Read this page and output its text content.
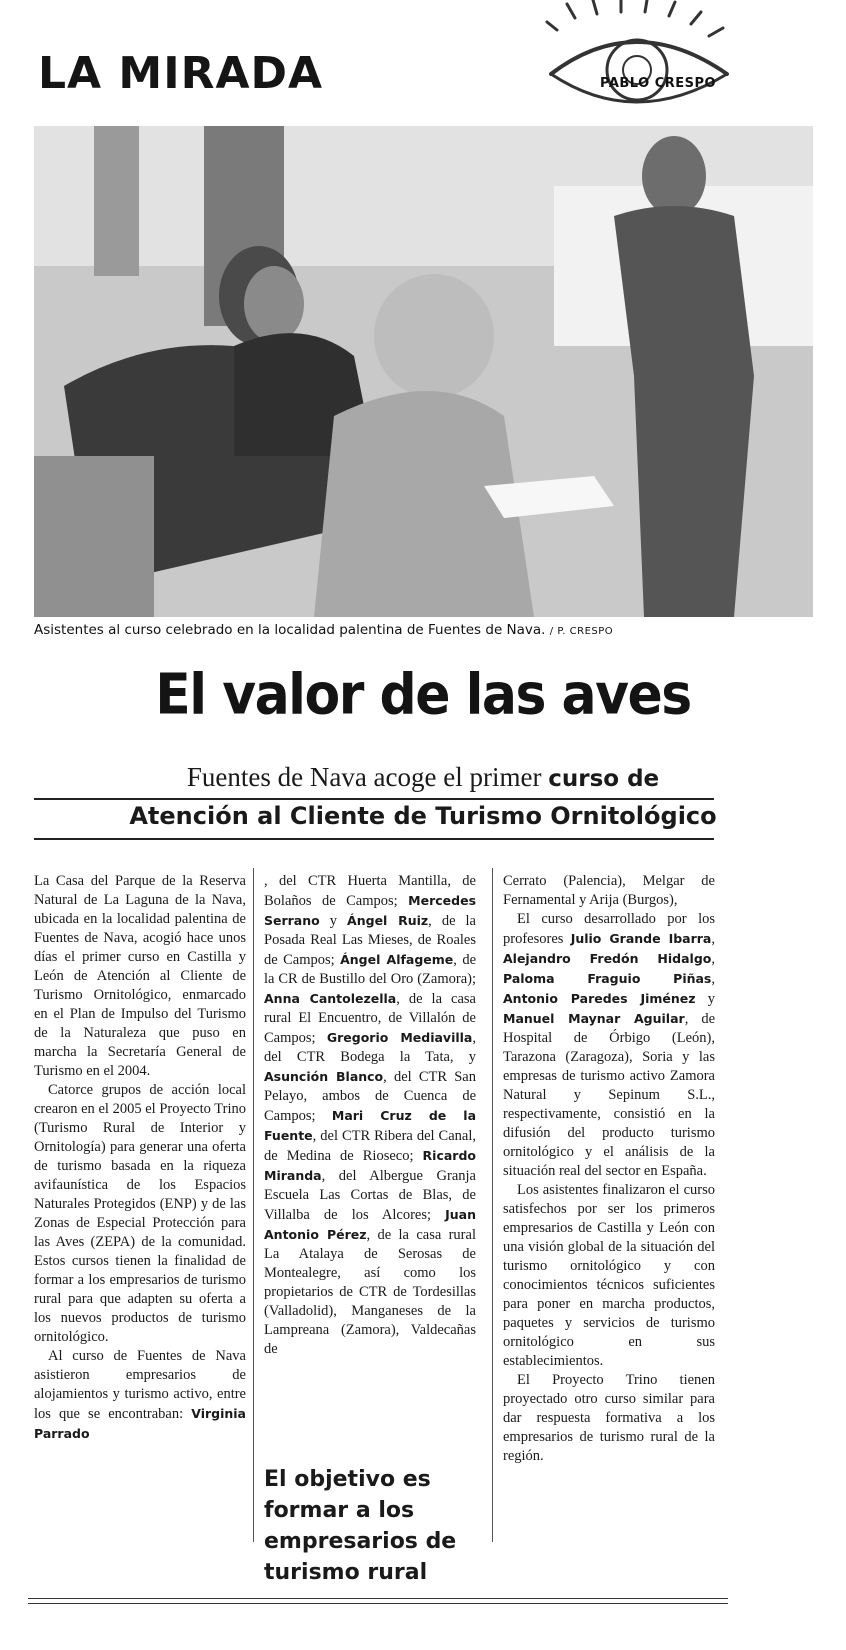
LA MIRADA	PABLO CRESPO
Asistentes al curso celebrado en la localidad palentina de Fuentes de Nava. / P. CRESPO
El valor de las aves
Fuentes de Nava acoge el primer curso de
Atención al Cliente de Turismo Ornitológico

La Casa del Parque de la Reserva Natural de La Laguna de la Nava, ubicada en la localidad palentina de Fuentes de Nava, acogió hace unos días el primer curso en Castilla y León de Atención al Cliente de Turismo Ornitológico, enmarcado en el Plan de Impulso del Turismo de la Naturaleza que puso en marcha la Secretaría General de Turismo en el 2004.

Catorce grupos de acción local crearon en el 2005 el Proyecto Trino (Turismo Rural de Interior y Ornitología) para generar una oferta de turismo basada en la riqueza avifaunística de los Espacios Naturales Protegidos (ENP) y de las Zonas de Especial Protección para las Aves (ZEPA) de la comunidad. Estos cursos tienen la finalidad de formar a los empresarios de turismo rural para que adapten su oferta a los nuevos productos de turismo ornitológico.

Al curso de Fuentes de Nava asistieron empresarios de alojamientos y turismo activo, entre los que se encontraban: Virginia Parrado

, del CTR Huerta Mantilla, de Bolaños de Campos; Mercedes Serrano y Ángel Ruiz, de la Posada Real Las Mieses, de Roales de Campos; Ángel Alfageme, de la CR de Bustillo del Oro (Zamora); Anna Cantolezella, de la casa rural El Encuentro, de Villalón de Campos; Gregorio Mediavilla, del CTR Bodega la Tata, y Asunción Blanco, del CTR San Pelayo, ambos de Cuenca de Campos; Mari Cruz de la Fuente, del CTR Ribera del Canal, de Medina de Rioseco; Ricardo Miranda, del Albergue Granja Escuela Las Cortas de Blas, de Villalba de los Alcores; Juan Antonio Pérez, de la casa rural La Atalaya de Serosas de Montealegre, así como los propietarios de CTR de Tordesillas (Valladolid), Manganeses de la Lampreana (Zamora), Valdecañas de

El objetivo es formar a los empresarios de turismo rural

Cerrato (Palencia), Melgar de Fernamental y Arija (Burgos),

El curso desarrollado por los profesores Julio Grande Ibarra, Alejandro Fredón Hidalgo, Paloma Fraguio Piñas, Antonio Paredes Jiménez y Manuel Maynar Aguilar, de Hospital de Órbigo (León), Tarazona (Zaragoza), Soria y las empresas de turismo activo Zamora Natural y Sepinum S.L., respectivamente, consistió en la difusión del producto turismo ornitológico y el análisis de la situación real del sector en España.

Los asistentes finalizaron el curso satisfechos por ser los primeros empresarios de Castilla y León con una visión global de la situación del turismo ornitológico y con conocimientos técnicos suficientes para poner en marcha productos, paquetes y servicios de turismo ornitológico en sus establecimientos.

El Proyecto Trino tienen proyectado otro curso similar para dar respuesta formativa a los empresarios de turismo rural de la región.
